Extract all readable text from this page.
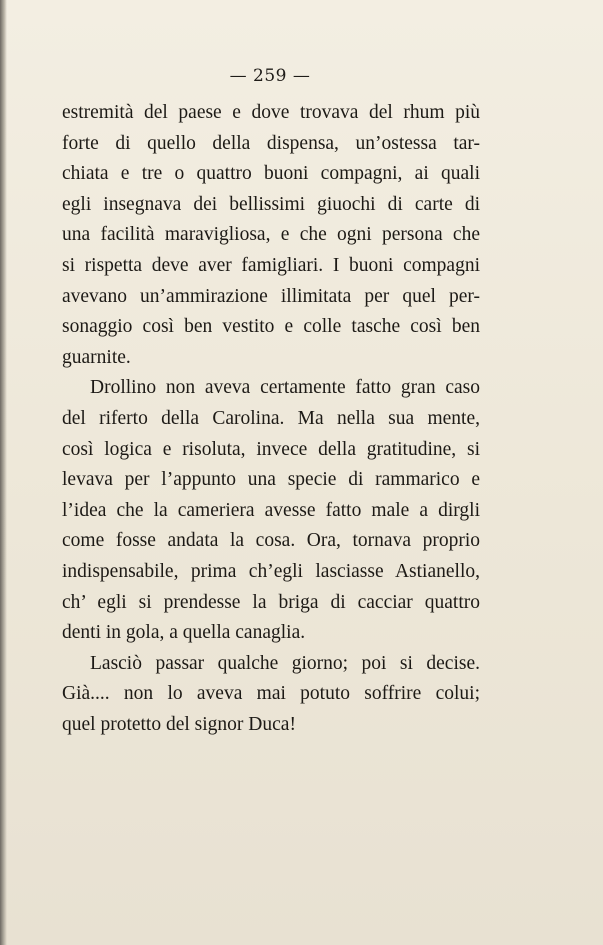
— 259 —
estremità del paese e dove trovava del rhum più
forte di quello della dispensa, un’ostessa tar-
chiata e tre o quattro buoni compagni, ai quali
egli insegnava dei bellissimi giuochi di carte di
una facilità maravigliosa, e che ogni persona che
si rispetta deve aver famigliari. I buoni compagni
avevano un’ammirazione illimitata per quel per-
sonaggio così ben vestito e colle tasche così ben
guarnite.
Drollino non aveva certamente fatto gran caso
del riferto della Carolina. Ma nella sua mente,
così logica e risoluta, invece della gratitudine, si
levava per l’appunto una specie di rammarico e
l’idea che la cameriera avesse fatto male a dirgli
come fosse andata la cosa. Ora, tornava proprio
indispensabile, prima ch’egli lasciasse Astianello,
ch’ egli si prendesse la briga di cacciar quattro
denti in gola, a quella canaglia.
Lasciò passar qualche giorno; poi si decise.
Già.... non lo aveva mai potuto soffrire colui;
quel protetto del signor Duca!
